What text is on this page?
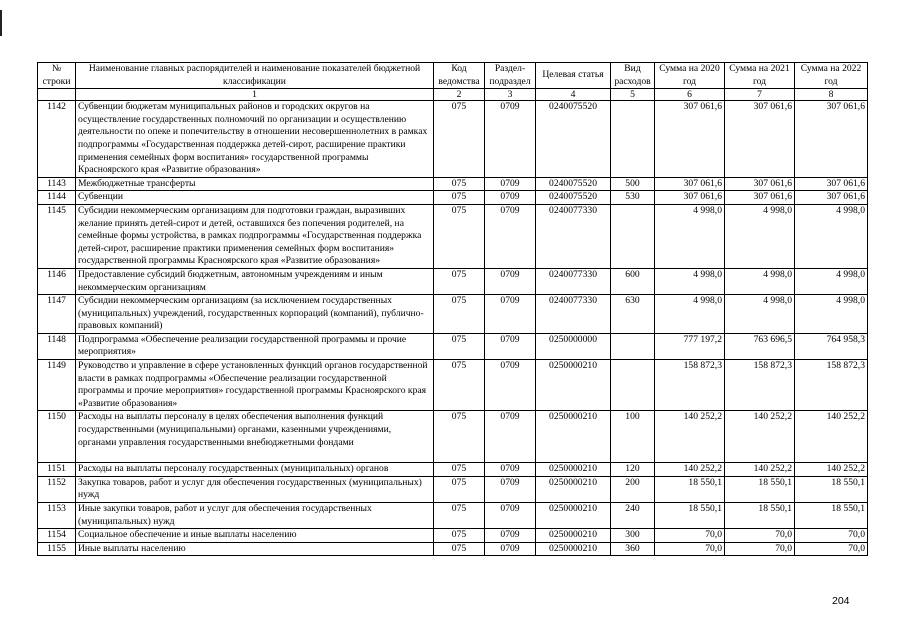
№ строки	Наименование главных распорядителей и наименование показателей бюджетной классификации	Код ведомства	Раздел-подраздел	Целевая статья	Вид расходов	Сумма на 2020 год	Сумма на 2021 год	Сумма на 2022 год
	1	2	3	4	5	6	7	8
1142	Субвенции бюджетам муниципальных районов и городских округов на осуществление государственных полномочий по организации и осуществлению деятельности по опеке и попечительству в отношении несовершеннолетних в рамках подпрограммы «Государственная поддержка детей-сирот, расширение практики применения семейных форм воспитания» государственной программы Красноярского края «Развитие образования»	075	0709	0240075520		307 061,6	307 061,6	307 061,6
1143	Межбюджетные трансферты	075	0709	0240075520	500	307 061,6	307 061,6	307 061,6
1144	Субвенции	075	0709	0240075520	530	307 061,6	307 061,6	307 061,6
1145	Субсидии некоммерческим организациям для подготовки граждан, выразивших желание принять детей-сирот и детей, оставшихся без попечения родителей, на семейные формы устройства, в рамках подпрограммы «Государственная поддержка детей-сирот, расширение практики применения семейных форм воспитания» государственной программы Красноярского края «Развитие образования»	075	0709	0240077330		4 998,0	4 998,0	4 998,0
1146	Предоставление субсидий бюджетным, автономным учреждениям и иным некоммерческим организациям	075	0709	0240077330	600	4 998,0	4 998,0	4 998,0
1147	Субсидии некоммерческим организациям (за исключением государственных (муниципальных) учреждений, государственных корпораций (компаний), публично-правовых компаний)	075	0709	0240077330	630	4 998,0	4 998,0	4 998,0
1148	Подпрограмма «Обеспечение реализации государственной программы и прочие мероприятия»	075	0709	0250000000		777 197,2	763 696,5	764 958,3
1149	Руководство и управление в сфере установленных функций органов государственной власти в рамках подпрограммы «Обеспечение реализации государственной программы и прочие мероприятия» государственной программы Красноярского края «Развитие образования»	075	0709	0250000210		158 872,3	158 872,3	158 872,3
1150	Расходы на выплаты персоналу в целях обеспечения выполнения функций государственными (муниципальными) органами, казенными учреждениями, органами управления государственными внебюджетными фондами	075	0709	0250000210	100	140 252,2	140 252,2	140 252,2
1151	Расходы на выплаты персоналу государственных (муниципальных) органов	075	0709	0250000210	120	140 252,2	140 252,2	140 252,2
1152	Закупка товаров, работ и услуг для обеспечения государственных (муниципальных) нужд	075	0709	0250000210	200	18 550,1	18 550,1	18 550,1
1153	Иные закупки товаров, работ и услуг для обеспечения государственных (муниципальных) нужд	075	0709	0250000210	240	18 550,1	18 550,1	18 550,1
1154	Социальное обеспечение и иные выплаты населению	075	0709	0250000210	300	70,0	70,0	70,0
1155	Иные выплаты населению	075	0709	0250000210	360	70,0	70,0	70,0
204
